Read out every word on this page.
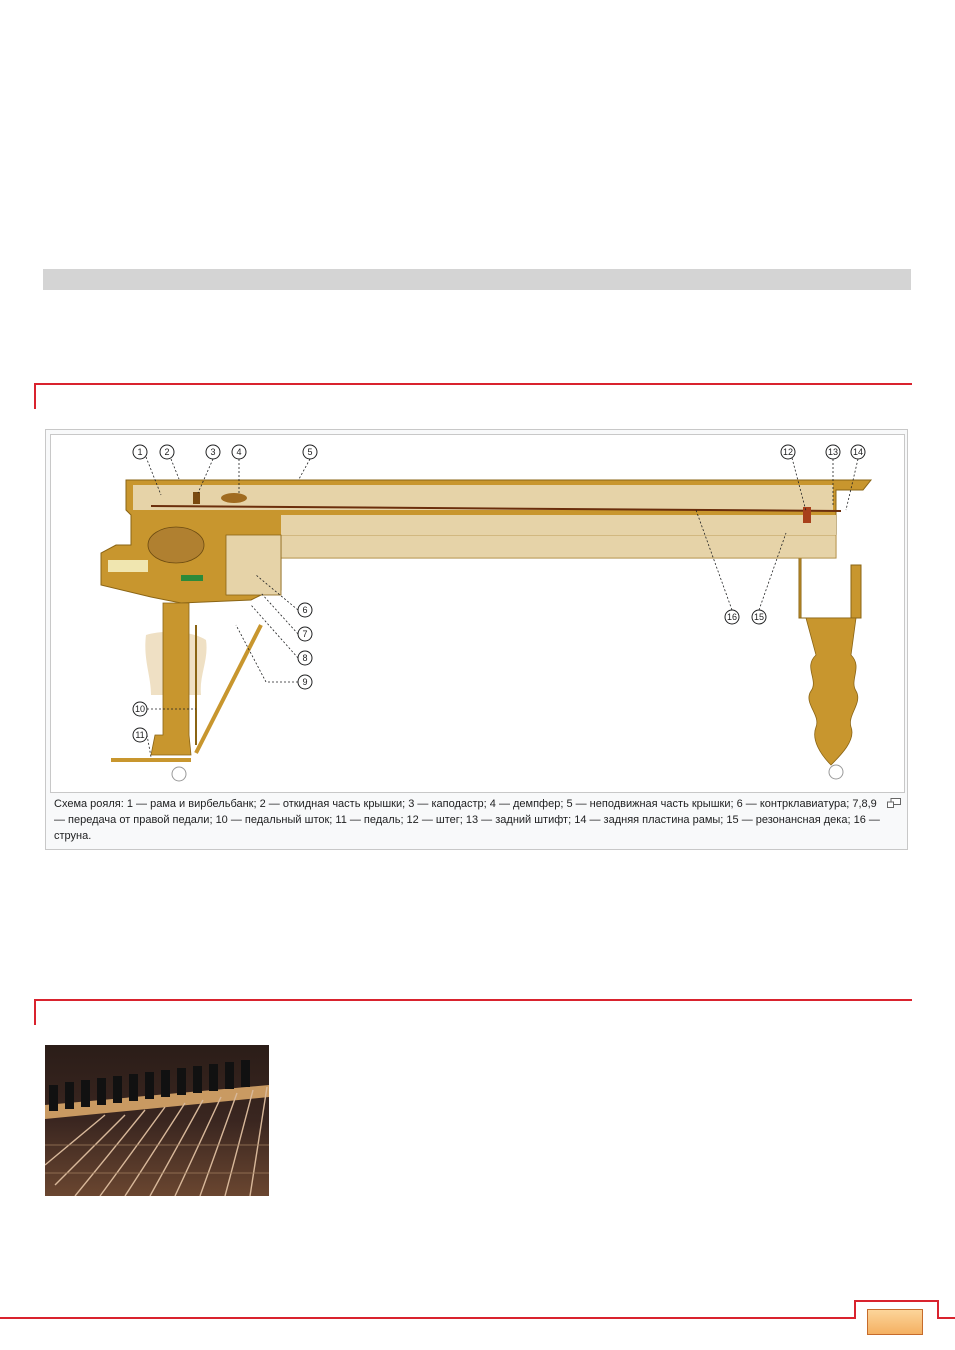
1 2	3 4	5
6
7
8
9
10
11
12	13 14
15
16
Схема рояля: 1 — рама и вирбельбанк; 2 — откидная часть крышки; 3 — каподастр; 4 — демпфер; 5 — неподвижная часть крышки; 6 — контрклавиатура; 7,8,9 — передача от правой педали; 10 — педальный шток; 11 — педаль; 12 — штег; 13 — задний штифт; 14 — задняя пластина рамы; 15 — резонансная дека; 16 — струна.
